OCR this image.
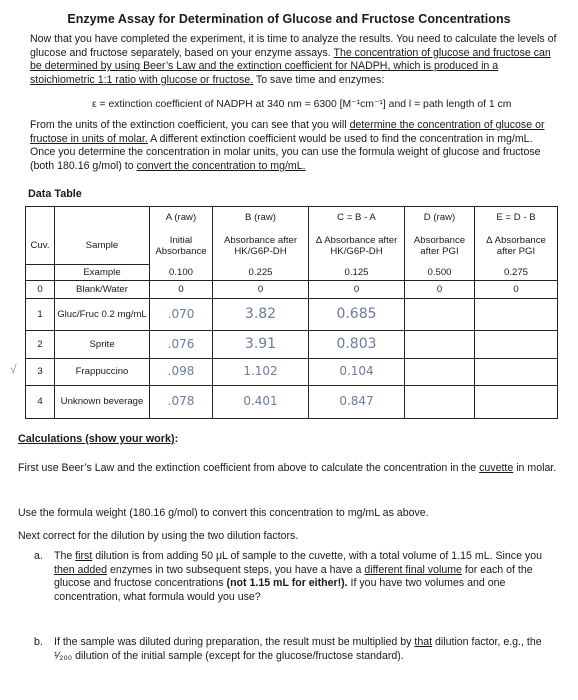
Enzyme Assay for Determination of Glucose and Fructose Concentrations
Now that you have completed the experiment, it is time to analyze the results. You need to calculate the levels of glucose and fructose separately, based on your enzyme assays. The concentration of glucose and fructose can be determined by using Beer’s Law and the extinction coefficient for NADPH, which is produced in a stoichiometric 1:1 ratio with glucose or fructose. To save time and enzymes:
ε = extinction coefficient of NADPH at 340 nm = 6300 [M⁻¹cm⁻¹] and l = path length of 1 cm
From the units of the extinction coefficient, you can see that you will determine the concentration of glucose or fructose in units of molar. A different extinction coefficient would be used to find the concentration in mg/mL. Once you determine the concentration in molar units, you can use the formula weight of glucose and fructose (both 180.16 g/mol) to convert the concentration to mg/mL.
Data Table
		A (raw)	B (raw)	C = B - A	D (raw)	E = D - B
Cuv.	Sample	Initial Absorbance	Absorbance after HK/G6P-DH	Δ Absorbance after HK/G6P-DH	Absorbance after PGI	Δ Absorbance after PGI
	Example	0.100	0.225	0.125	0.500	0.275
0	Blank/Water	0	0	0	0	0
1	Gluc/Fruc 0.2 mg/mL	.070	3.82	0.685		
2	Sprite	.076	3.91	0.803		
3	Frappuccino	.098	1.102	0.104		
4	Unknown beverage	.078	0.401	0.847		
√
Calculations (show your work):
First use Beer’s Law and the extinction coefficient from above to calculate the concentration in the cuvette in molar.
Use the formula weight (180.16 g/mol) to convert this concentration to mg/mL as above.
Next correct for the dilution by using the two dilution factors.
a. The first dilution is from adding 50 μL of sample to the cuvette, with a total volume of 1.15 mL. Since you then added enzymes in two subsequent steps, you have a have a different final volume for each of the glucose and fructose concentrations (not 1.15 mL for either!). If you have two volumes and one concentration, what formula would you use?
b. If the sample was diluted during preparation, the result must be multiplied by that dilution factor, e.g., the ¹⁄₂₀₀ dilution of the initial sample (except for the glucose/fructose standard).
